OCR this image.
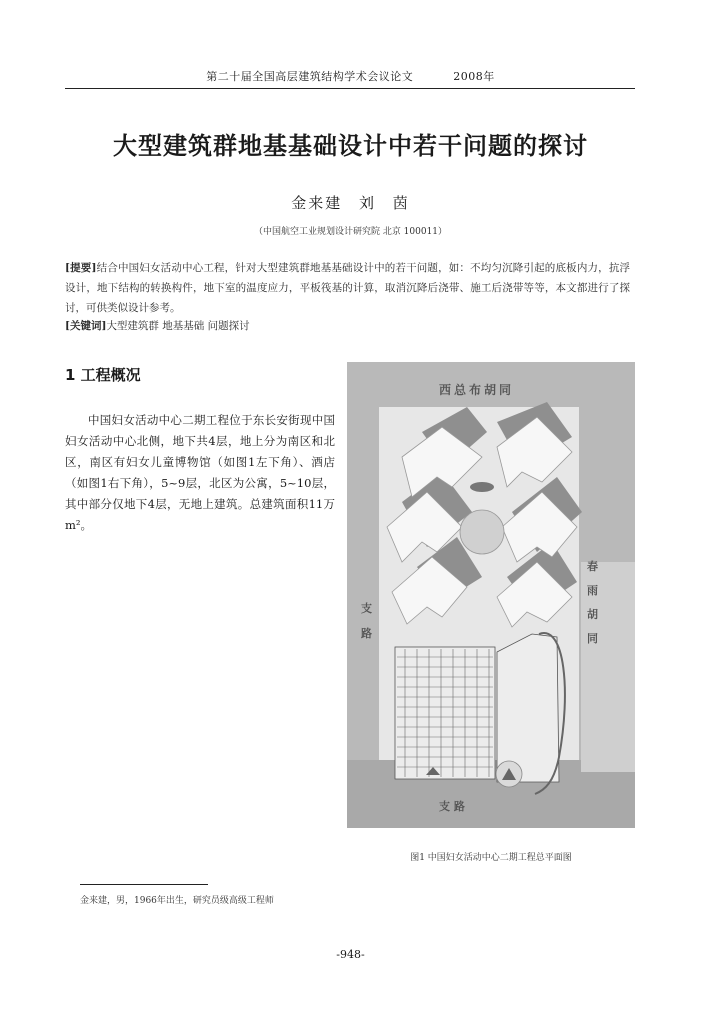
第二十届全国高层建筑结构学术会议论文	2008年
大型建筑群地基基础设计中若干问题的探讨
金来建 刘 茵
（中国航空工业规划设计研究院 北京 100011）
[提要]结合中国妇女活动中心工程，针对大型建筑群地基基础设计中的若干问题，如：不均匀沉降引起的底板内力，抗浮设计，地下结构的转换构件，地下室的温度应力，平板筏基的计算，取消沉降后浇带、施工后浇带等等，本文都进行了探讨，可供类似设计参考。
[关键词]大型建筑群 地基基础 问题探讨
1 工程概况
中国妇女活动中心二期工程位于东长安街现中国妇女活动中心北侧，地下共4层，地上分为南区和北区，南区有妇女儿童博物馆（如图1左下角）、酒店（如图1右下角），5~9层，北区为公寓，5~10层，其中部分仅地下4层，无地上建筑。总建筑面积11万m²。
西总布胡同
支
路
春
雨
胡
同
支 路
图1 中国妇女活动中心二期工程总平面图
金来建，男，1966年出生，研究员级高级工程师
-948-
